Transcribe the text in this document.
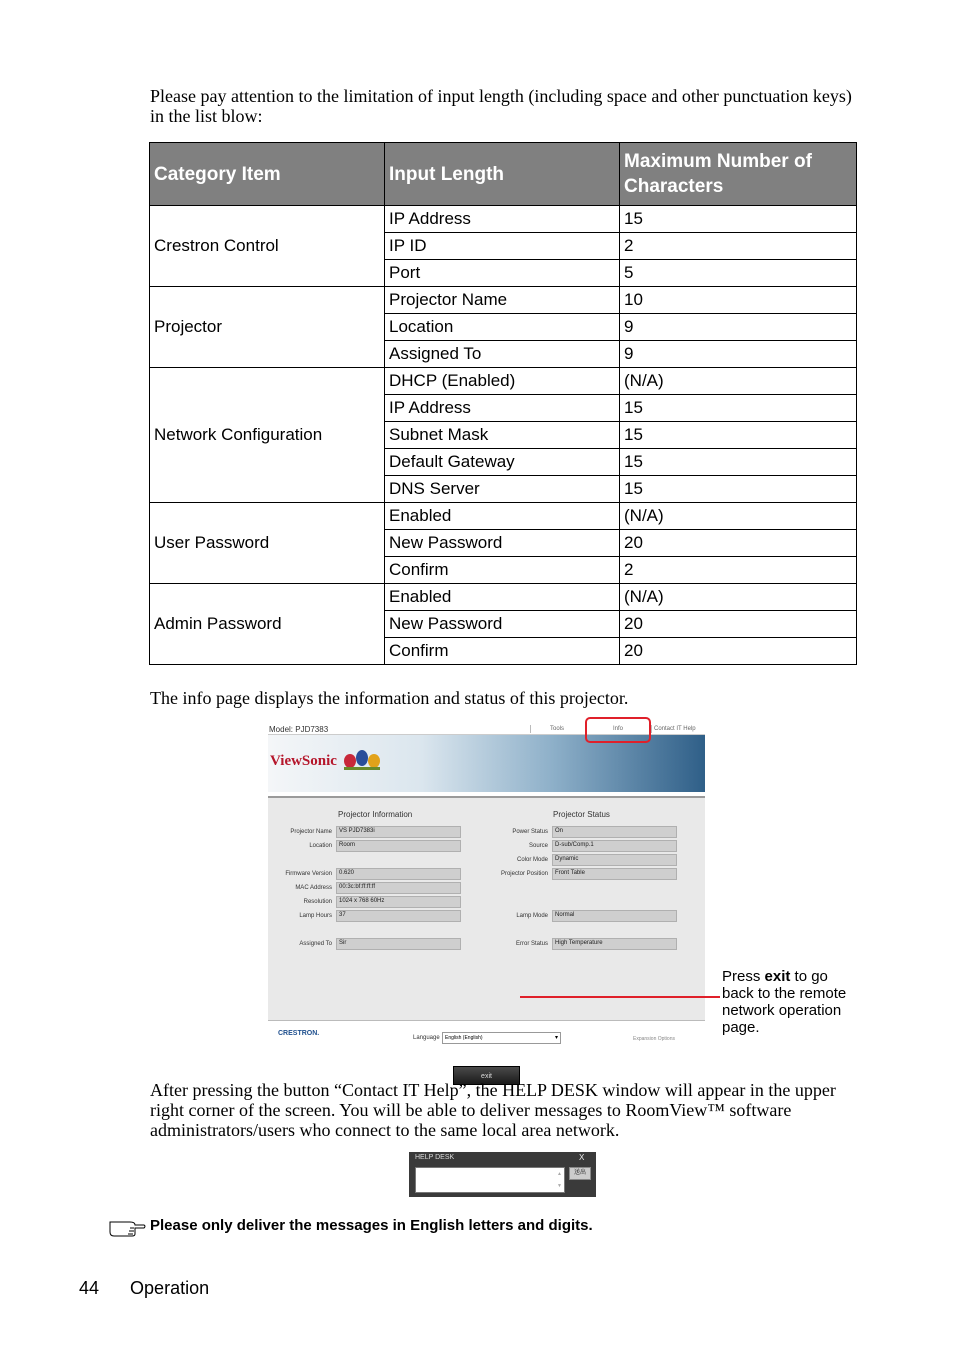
Please pay attention to the limitation of input length (including space and other punctuation keys) in the list blow:
Category Item	Input Length	Maximum Number of Characters
Crestron Control	IP Address	15
	IP ID	2
	Port	5
Projector	Projector Name	10
	Location	9
	Assigned To	9
Network Configuration	DHCP (Enabled)	(N/A)
	IP Address	15
	Subnet Mask	15
	Default Gateway	15
	DNS Server	15
User Password	Enabled	(N/A)
	New Password	20
	Confirm	2
Admin Password	Enabled	(N/A)
	New Password	20
	Confirm	20
The info page displays the information and status of this projector.
Model: PJD7383	Tools	Info	Contact IT Help
ViewSonic
Projector Information	Projector Status
Projector Name	VS PJD7383i
Location	Room
Firmware Version	0.620
MAC Address	00:3c:bf:ff:ff:ff
Resolution	1024 x 768 60Hz
Lamp Hours	37
Assigned To	Sir
Power Status	On
Source	D-sub/Comp.1
Color Mode	Dynamic
Projector Position	Front Table
Lamp Mode	Normal
Error Status	High Temperature
exit
CRESTRON.
Language	English (English)	▾	Expansion Options
Press exit to go back to the remote network operation page.
After pressing the button “Contact IT Help”, the HELP DESK window will appear in the upper right corner of the screen. You will be able to deliver messages to RoomView™ software administrators/users who connect to the same local area network.
HELP DESK	X
▲
▼
送出
Please only deliver the messages in English letters and digits.
44 Operation
